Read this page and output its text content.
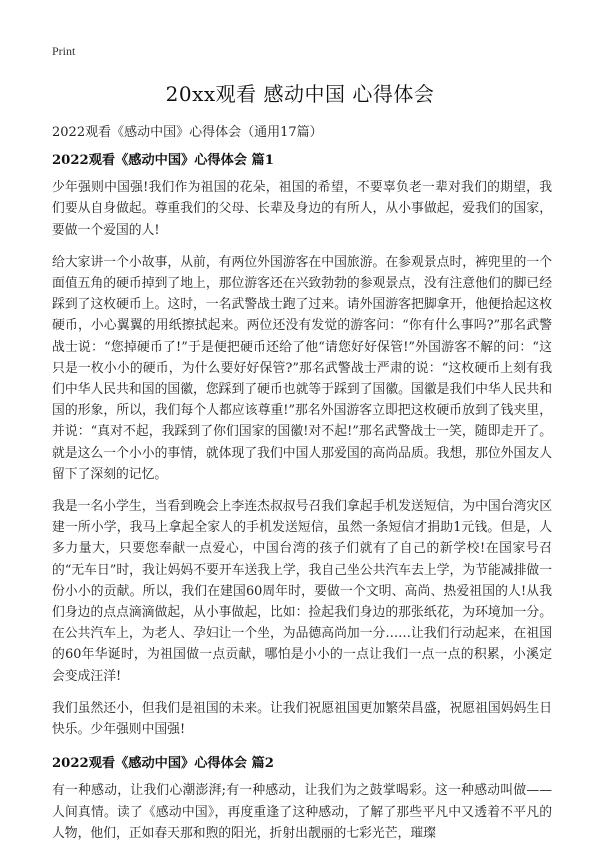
Print
20xx观看 感动中国 心得体会
2022观看《感动中国》心得体会（通用17篇）
2022观看《感动中国》心得体会 篇1

少年强则中国强!我们作为祖国的花朵，祖国的希望，不要辜负老一辈对我们的期望，我们要从自身做起。尊重我们的父母、长辈及身边的有所人，从小事做起，爱我们的国家，要做一个爱国的人!

给大家讲一个小故事，从前，有两位外国游客在中国旅游。在参观景点时，裤兜里的一个面值五角的硬币掉到了地上，那位游客还在兴致勃勃的参观景点，没有注意他们的脚已经踩到了这枚硬币上。这时，一名武警战士跑了过来。请外国游客把脚拿开，他便拾起这枚硬币，小心翼翼的用纸擦拭起来。两位还没有发觉的游客问：“你有什么事吗?”那名武警战士说：“您掉硬币了!”于是便把硬币还给了他“请您好好保管!”外国游客不解的问：“这只是一枚小小的硬币，为什么要好好保管?”那名武警战士严肃的说：“这枚硬币上刻有我们中华人民共和国的国徽，您踩到了硬币也就等于踩到了国徽。国徽是我们中华人民共和国的形象，所以，我们每个人都应该尊重!”那名外国游客立即把这枚硬币放到了钱夹里，并说：“真对不起，我踩到了你们国家的国徽!对不起!”那名武警战士一笑，随即走开了。就是这么一个小小的事情，就体现了我们中国人那爱国的高尚品质。我想，那位外国友人留下了深刻的记忆。

我是一名小学生，当看到晚会上李连杰叔叔号召我们拿起手机发送短信，为中国台湾灾区建一所小学，我马上拿起全家人的手机发送短信，虽然一条短信才捐助1元钱。但是，人多力量大，只要您奉献一点爱心，中国台湾的孩子们就有了自己的新学校!在国家号召的“无车日”时，我让妈妈不要开车送我上学，我自己坐公共汽车去上学，为节能减排做一份小小的贡献。所以，我们在建国60周年时，要做一个文明、高尚、热爱祖国的人!从我们身边的点点滴滴做起，从小事做起，比如：捡起我们身边的那张纸花，为环境加一分。在公共汽车上，为老人、孕妇让一个坐，为品德高尚加一分……让我们行动起来，在祖国的60年华诞时，为祖国做一点贡献，哪怕是小小的一点让我们一点一点的积累，小溪定会变成汪洋!

我们虽然还小，但我们是祖国的未来。让我们祝愿祖国更加繁荣昌盛，祝愿祖国妈妈生日快乐。少年强则中国强!

2022观看《感动中国》心得体会 篇2

有一种感动，让我们心潮澎湃;有一种感动，让我们为之鼓掌喝彩。这一种感动叫做——人间真情。读了《感动中国》，再度重逢了这种感动，了解了那些平凡中又透着不平凡的人物，他们，正如春天那和煦的阳光，折射出靓丽的七彩光芒，璀璨
